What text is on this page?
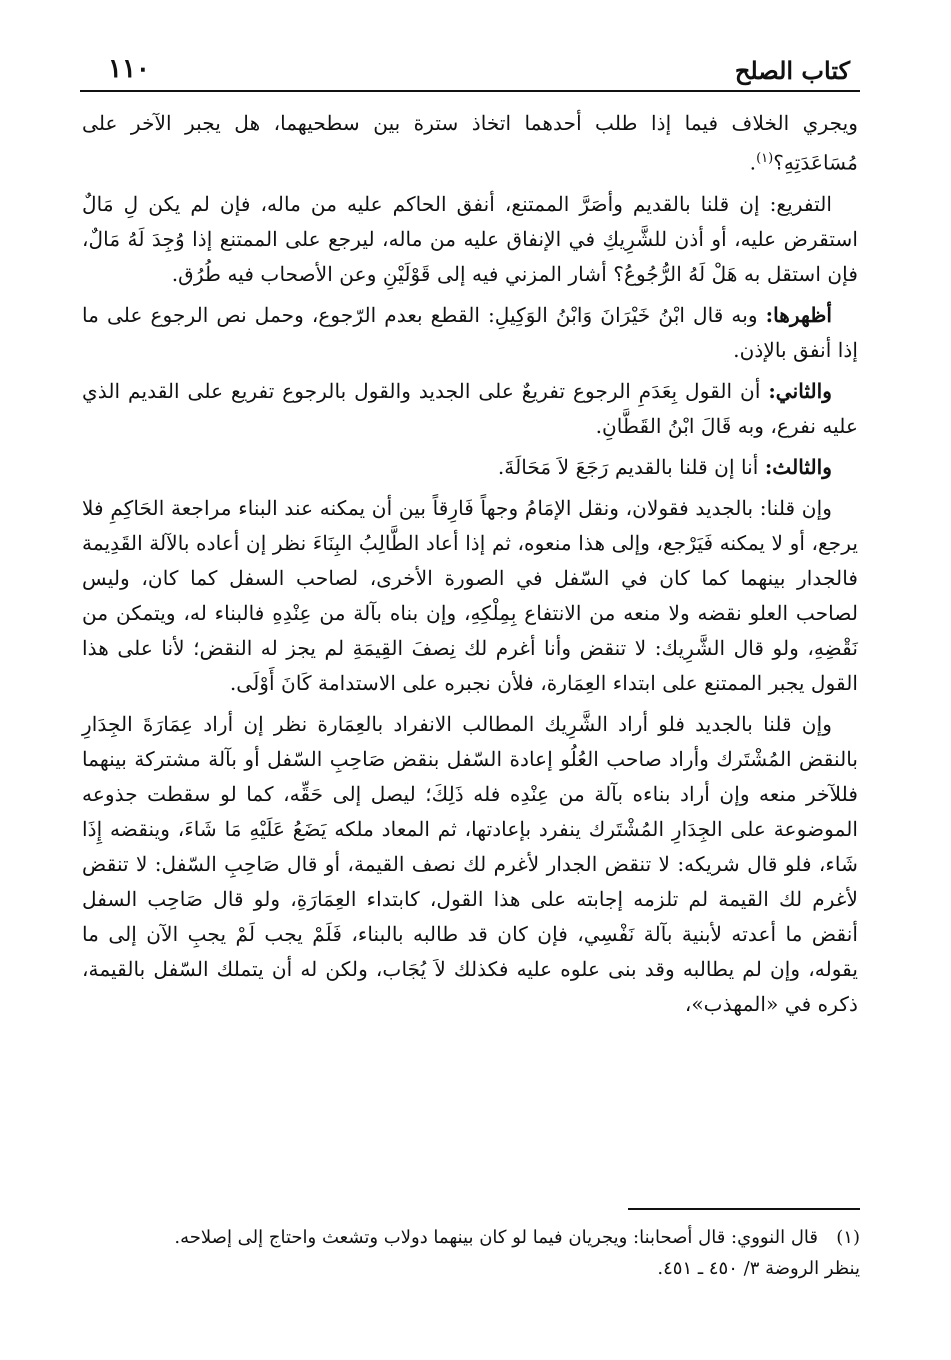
كتاب الصلح
١١٠

ويجري الخلاف فيما إذا طلب أحدهما اتخاذ سترة بين سطحيهما، هل يجبر الآخر على مُسَاعَدَتِهِ؟$^{(١)}$.

التفريع: إن قلنا بالقديم وأصَرَّ الممتنع، أنفق الحاكم عليه من ماله، فإن لم يكن لِ مَالٌ استقرض عليه، أو أذن للشَّرِيكِ في الإنفاق عليه من ماله، ليرجع على الممتنع إذا وُجِدَ لَهُ مَالٌ، فإن استقل به هَلْ لَهُ الرُّجُوعُ؟ أشار المزني فيه إلى قَوْلَيْنِ وعن الأصحاب فيه طُرُق.

أظهرها: وبه قال ابْنُ خَيْرَانَ وَابْنُ الوَكِيلِ: القطع بعدم الرّجوع، وحمل نص الرجوع على ما إذا أنفق بالإذن.

والثاني: أن القول بِعَدَمِ الرجوع تفريعٌ على الجديد والقول بالرجوع تفريع على القديم الذي عليه نفرع، وبه قَالَ ابْنُ القَطَّانِ.

والثالث: أنا إن قلنا بالقديم رَجَعَ لاَ مَحَالَةَ.

وإن قلنا: بالجديد فقولان، ونقل الإمَامُ وجهاً فَارِقاً بين أن يمكنه عند البناء مراجعة الحَاكِمِ فلا يرجع، أو لا يمكنه فَيَرْجع، وإلى هذا منعوه، ثم إذا أعاد الطَّالِبُ البِنَاءَ نظر إن أعاده بالآلة القَدِيمة فالجدار بينهما كما كان في السّفل في الصورة الأخرى، لصاحب السفل كما كان، وليس لصاحب العلو نقضه ولا منعه من الانتفاع بِمِلْكِهِ، وإن بناه بآلة من عِنْدِهِ فالبناء له، ويتمكن من نَقْضِهِ، ولو قال الشَّرِيك: لا تنقض وأنا أغرم لك نِصفَ القِيمَةِ لم يجز له النقض؛ لأنا على هذا القول يجبر الممتنع على ابتداء العِمَارة، فلأن نجبره على الاستدامة كَانَ أَوْلَى.

وإن قلنا بالجديد فلو أراد الشَّرِيك المطالب الانفراد بالعِمَارة نظر إن أراد عِمَارَةَ الجِدَارِ بالنقض المُشْتَرك وأراد صاحب العُلُو إعادة السّفل بنقض صَاحِبِ السّفل أو بآلة مشتركة بينهما فللآخر منعه وإن أراد بناءه بآلة من عِنْدِه فله ذَلِكَ؛ ليصل إلى حَقِّه، كما لو سقطت جذوعه الموضوعة على الجِدَارِ المُشْتَرك ينفرد بإعادتها، ثم المعاد ملكه يَضَعُ عَلَيْهِ مَا شَاءَ، وينقضه إِذَا شَاء، فلو قال شريكه: لا تنقض الجدار لأغرم لك نصف القيمة، أو قال صَاحِبِ السّفل: لا تنقض لأغرم لك القيمة لم تلزمه إجابته على هذا القول، كابتداء العِمَارَةِ، ولو قال صَاحِب السفل أنقض ما أعدته لأبنية بآلة نَفْسِي، فإن كان قد طالبه بالبناء، فَلَمْ يجب لَمْ يجبِ الآن إلى ما يقوله، وإن لم يطالبه وقد بنى علوه عليه فكذلك لاَ يُجَاب، ولكن له أن يتملك السّفل بالقيمة، ذكره في «المهذب»،

(١)قال النووي: قال أصحابنا: ويجريان فيما لو كان بينهما دولاب وتشعث واحتاج إلى إصلاحه.
ينظر الروضة ٣/ ٤٥٠ ـ ٤٥١.
